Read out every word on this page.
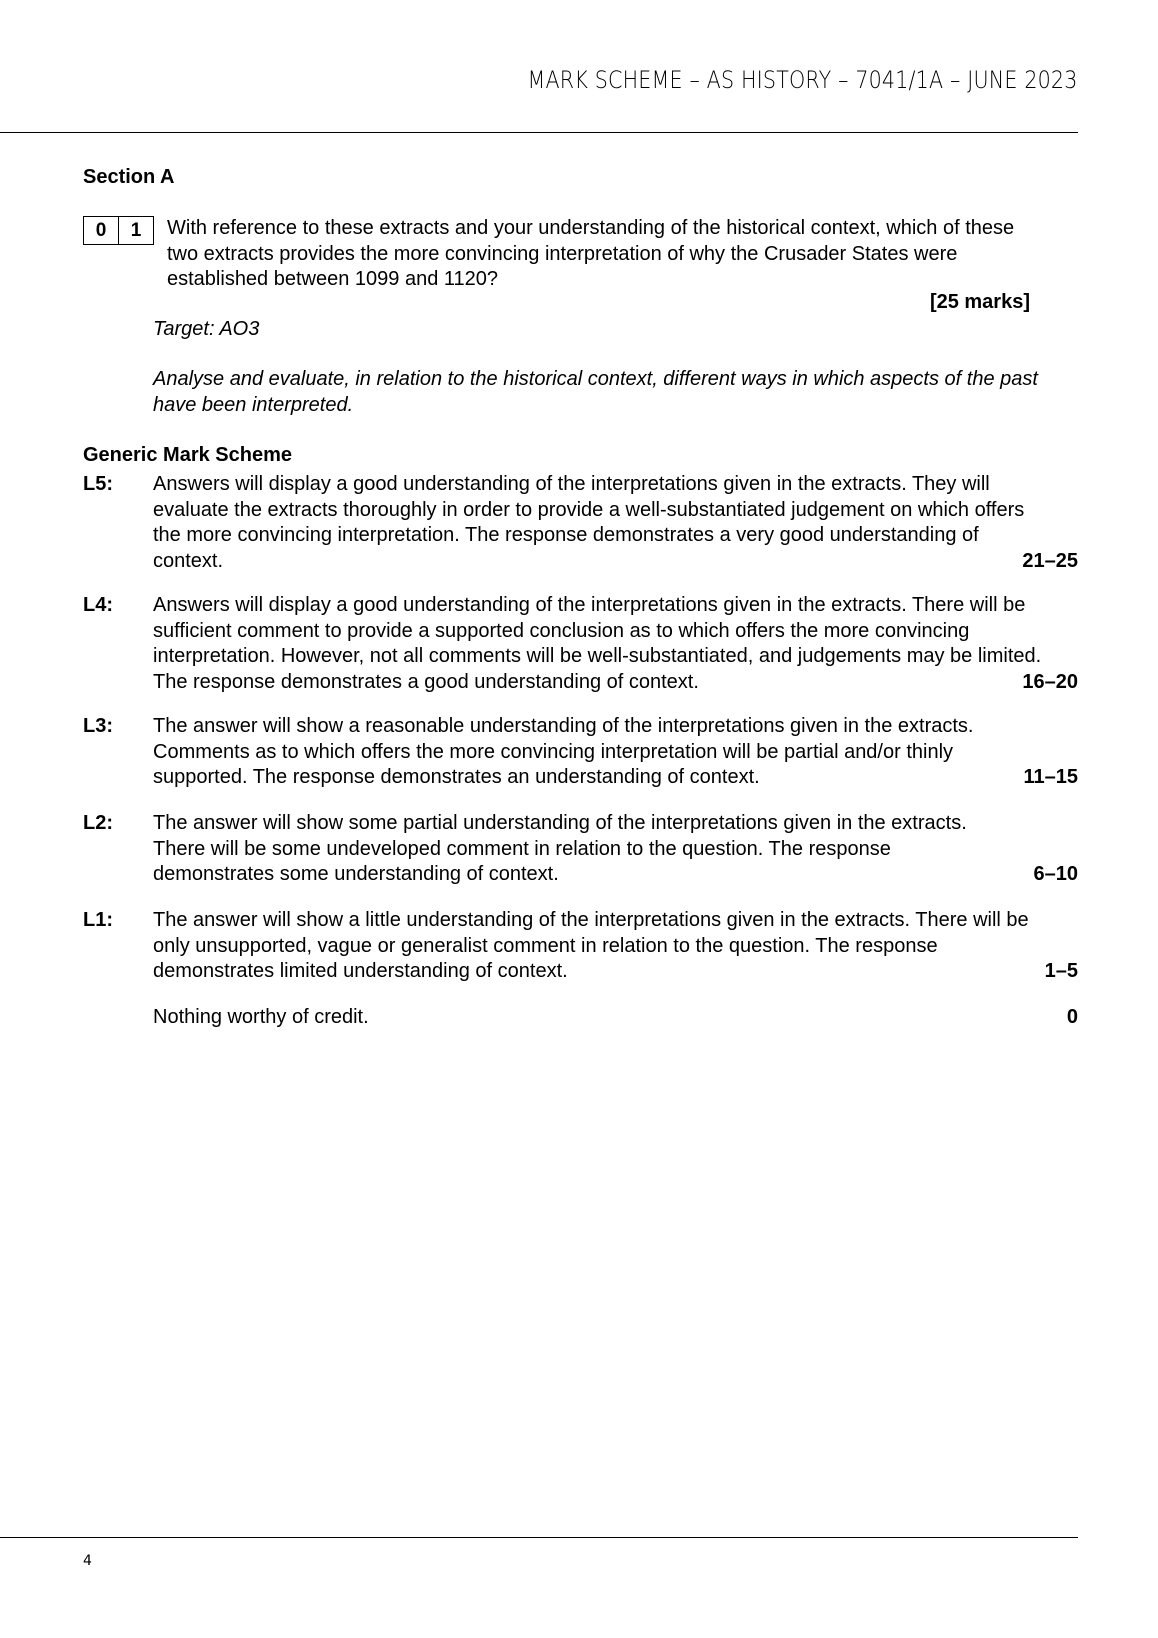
MARK SCHEME – AS HISTORY – 7041/1A – JUNE 2023
Section A
0	1	With reference to these extracts and your understanding of the historical context, which of these two extracts provides the more convincing interpretation of why the Crusader States were established between 1099 and 1120?
[25 marks]
Target: AO3
Analyse and evaluate, in relation to the historical context, different ways in which aspects of the past have been interpreted.
Generic Mark Scheme
L5: Answers will display a good understanding of the interpretations given in the extracts. They will evaluate the extracts thoroughly in order to provide a well-substantiated judgement on which offers the more convincing interpretation. The response demonstrates a very good understanding of context.	21–25
L4: Answers will display a good understanding of the interpretations given in the extracts. There will be sufficient comment to provide a supported conclusion as to which offers the more convincing interpretation. However, not all comments will be well-substantiated, and judgements may be limited. The response demonstrates a good understanding of context.	16–20
L3: The answer will show a reasonable understanding of the interpretations given in the extracts. Comments as to which offers the more convincing interpretation will be partial and/or thinly supported. The response demonstrates an understanding of context.	11–15
L2: The answer will show some partial understanding of the interpretations given in the extracts. There will be some undeveloped comment in relation to the question. The response demonstrates some understanding of context.	6–10
L1: The answer will show a little understanding of the interpretations given in the extracts. There will be only unsupported, vague or generalist comment in relation to the question. The response demonstrates limited understanding of context.	1–5
Nothing worthy of credit.	0
4
